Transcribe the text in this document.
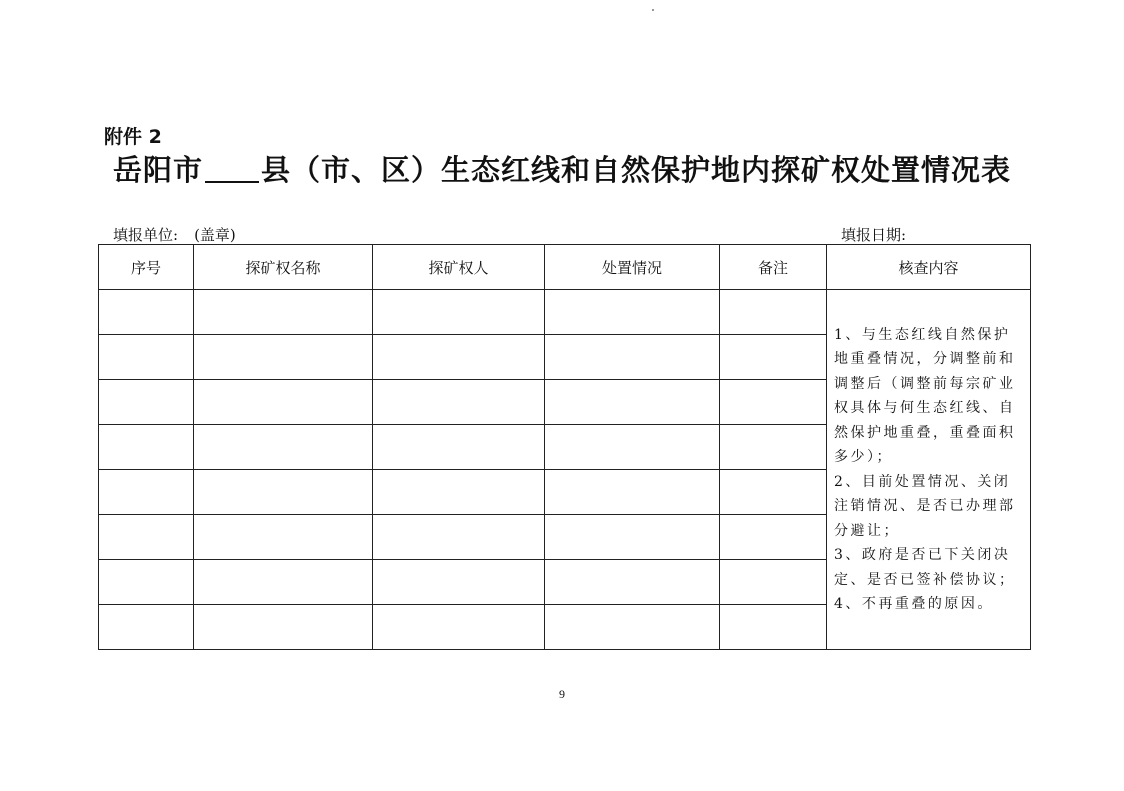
附件 2
岳阳市 县（市、区）生态红线和自然保护地内探矿权处置情况表
填报单位: (盖章)	填报日期:
序号	探矿权名称	探矿权人	处置情况	备注	核查内容

					1、与生态红线自然保护地重叠情况，分调整前和调整后（调整前每宗矿业权具体与何生态红线、自然保护地重叠，重叠面积多少）；

2、目前处置情况、关闭注销情况、是否已办理部分避让；

3、政府是否已下关闭决定、是否已签补偿协议；

4、不再重叠的原因。

9
